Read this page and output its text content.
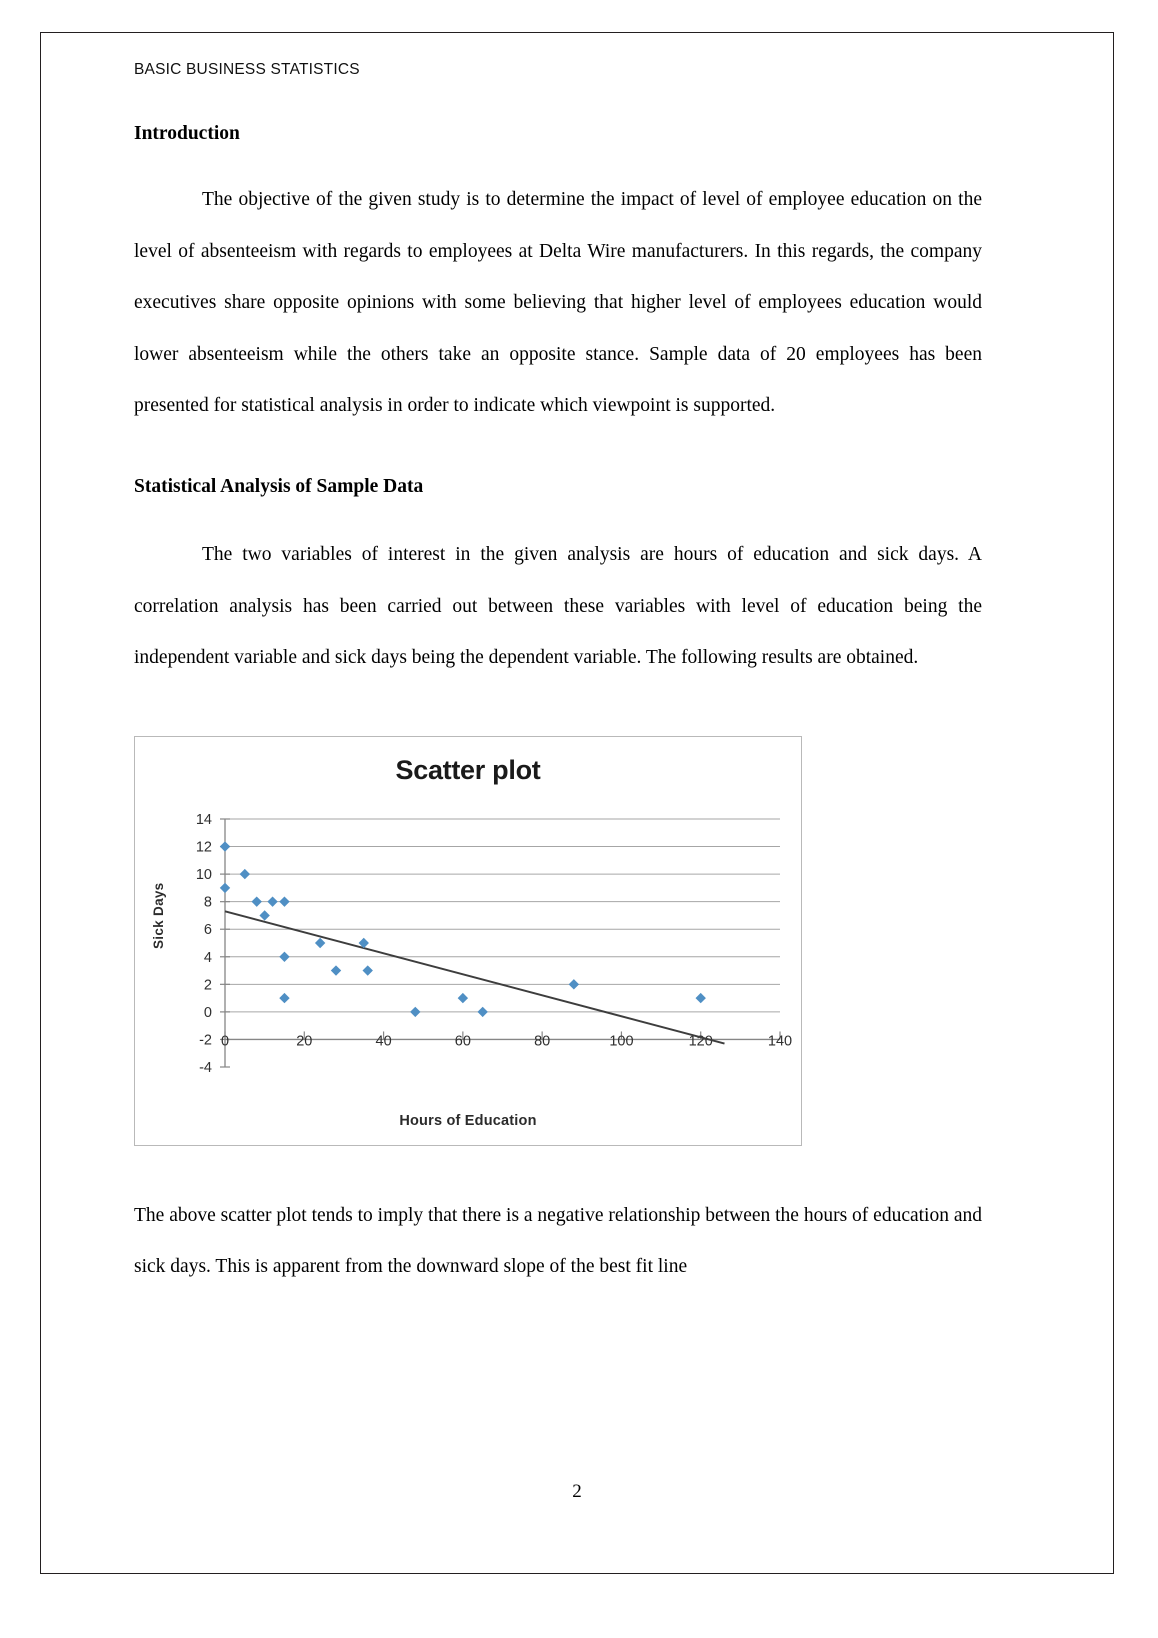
BASIC BUSINESS STATISTICS
Introduction

The objective of the given study is to determine the impact of level of employee education on the level of absenteeism with regards to employees at Delta Wire manufacturers. In this regards, the company executives share opposite opinions with some believing that higher level of employees education would lower absenteeism while the others take an opposite stance. Sample data of 20 employees has been presented for statistical analysis in order to indicate which viewpoint is supported.

Statistical Analysis of Sample Data

The two variables of interest in the given analysis are hours of education and sick days. A correlation analysis has been carried out between these variables with level of education being the independent variable and sick days being the dependent variable. The following results are obtained.

Scatter plot
Sick Days
14
12
10
8
6
4
2
0
-2
-4
0	20	40	60	80	100	120	140
Hours of Education

The above scatter plot tends to imply that there is a negative relationship between the hours of education and sick days. This is apparent from the downward slope of the best fit line

2
